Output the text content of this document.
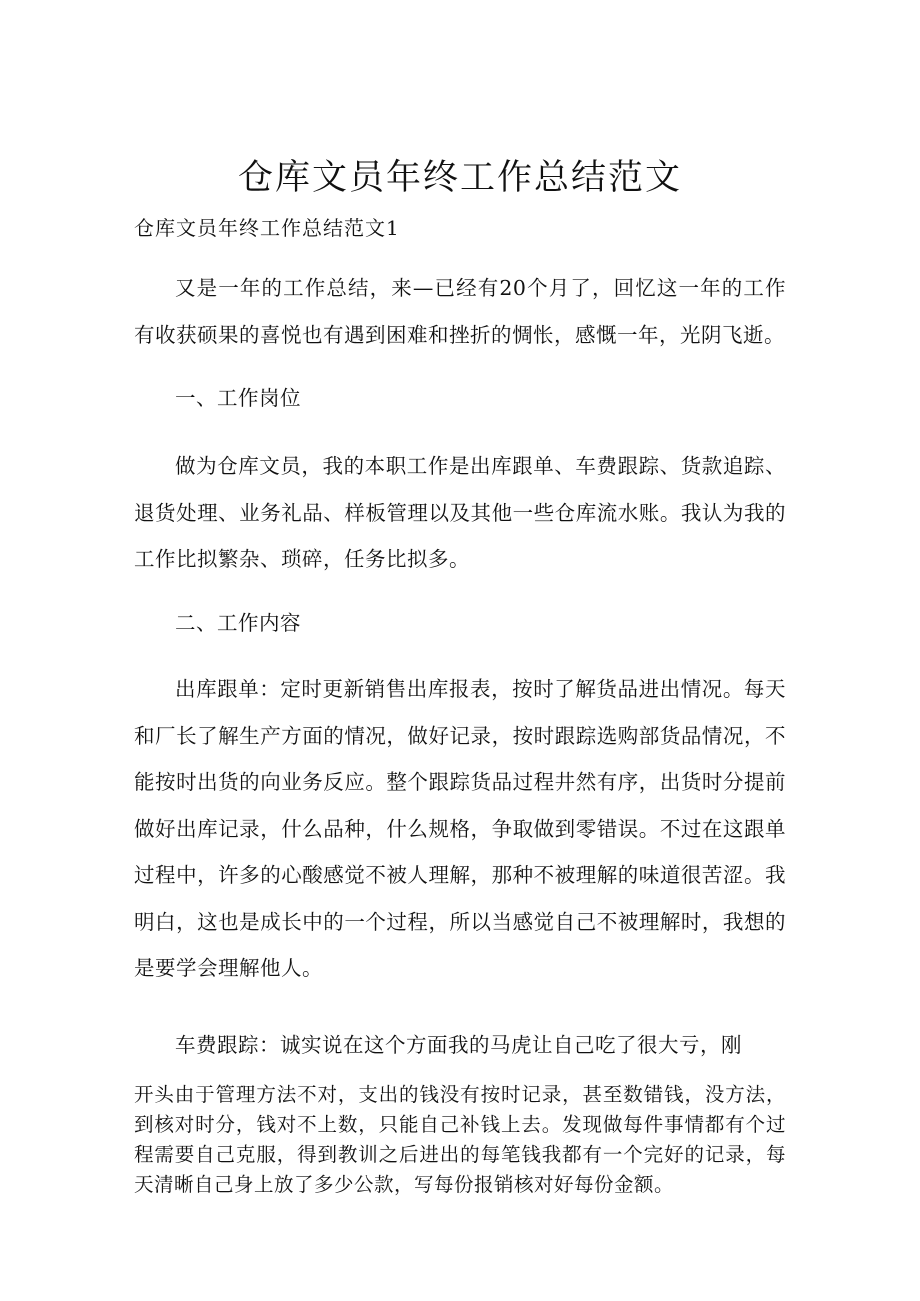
仓库文员年终工作总结范文

仓库文员年终工作总结范文1

又是一年的工作总结，来—已经有20个月了，回忆这一年的工作有收获硕果的喜悦也有遇到困难和挫折的惆怅，感慨一年，光阴飞逝。

一、工作岗位

做为仓库文员，我的本职工作是出库跟单、车费跟踪、货款追踪、退货处理、业务礼品、样板管理以及其他一些仓库流水账。我认为我的工作比拟繁杂、琐碎，任务比拟多。

二、工作内容

出库跟单：定时更新销售出库报表，按时了解货品进出情况。每天和厂长了解生产方面的情况，做好记录，按时跟踪选购部货品情况，不能按时出货的向业务反应。整个跟踪货品过程井然有序，出货时分提前做好出库记录，什么品种，什么规格，争取做到零错误。不过在这跟单过程中，许多的心酸感觉不被人理解，那种不被理解的味道很苦涩。我明白，这也是成长中的一个过程，所以当感觉自己不被理解时，我想的是要学会理解他人。

车费跟踪：诚实说在这个方面我的马虎让自己吃了很大亏，刚

开头由于管理方法不对，支出的钱没有按时记录，甚至数错钱，没方法，到核对时分，钱对不上数，只能自己补钱上去。发现做每件事情都有个过程需要自己克服，得到教训之后进出的每笔钱我都有一个完好的记录，每天清晰自己身上放了多少公款，写每份报销核对好每份金额。
